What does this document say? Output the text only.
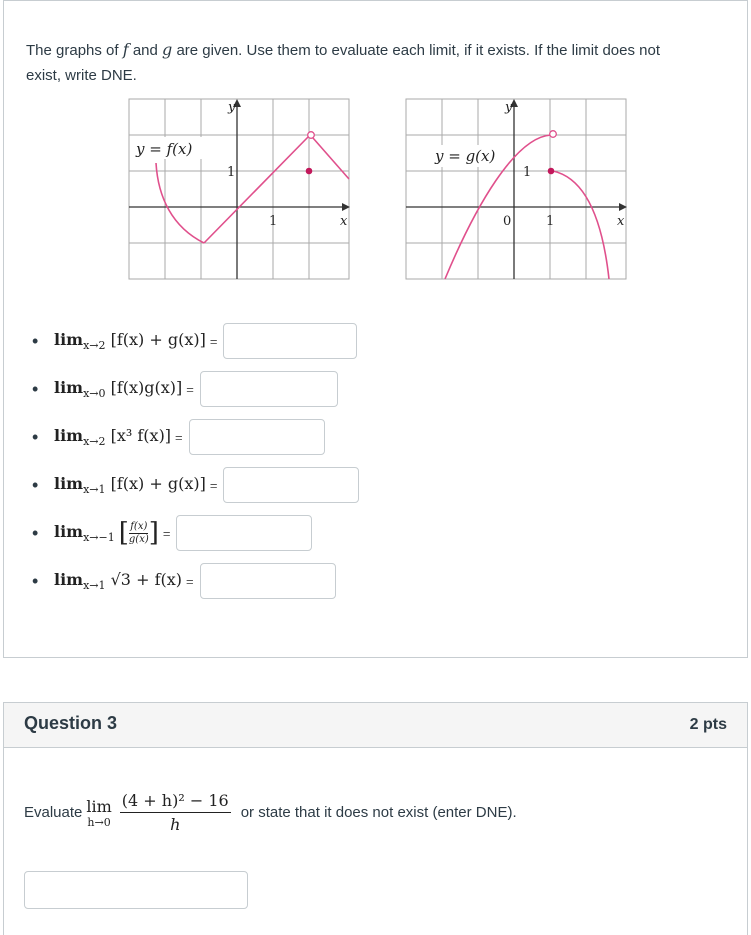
The graphs of f and g are given. Use them to evaluate each limit, if it exists. If the limit does not
exist, write DNE.
y = f(x)
y
x
1
1
y = g(x)
y
x
1
1
0
• $\lim_{x\to 2} [f(x) + g(x)]$ =
• $\lim_{x\to 0} [f(x)g(x)]$ =
• $\lim_{x\to 2} [x^3$ f(x)] =
• $\lim_{x\to 1} [f(x) + g(x)]$ =
• $\lim_{x\to-1}$ [ f(x)
g(x) ] =
• $\lim_{x\to 1} √3 + f(x)$ =
Question 3	2 pts
Evaluate lim
h→0
(4 + h)² − 16
h
or state that it does not exist (enter DNE).
